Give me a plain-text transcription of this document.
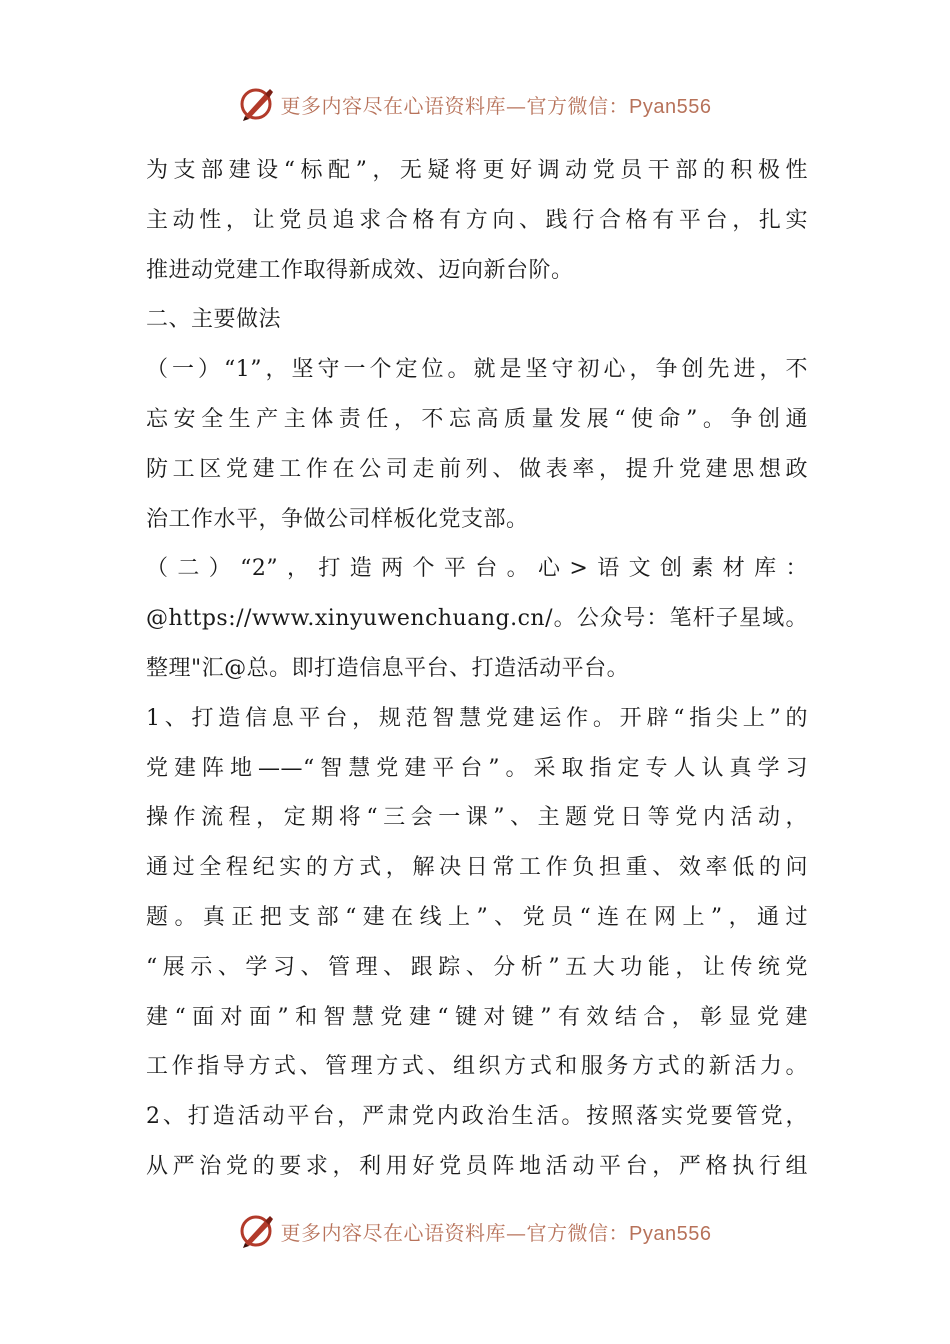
更多内容尽在心语资料库—官方微信：Pyan556
为支部建设“标配”，无疑将更好调动党员干部的积极性
主动性，让党员追求合格有方向、践行合格有平台，扎实
推进动党建工作取得新成效、迈向新台阶。
二、主要做法
（一）“1”，坚守一个定位。就是坚守初心，争创先进，不
忘安全生产主体责任，不忘高质量发展“使命”。争创通
防工区党建工作在公司走前列、做表率，提升党建思想政
治工作水平，争做公司样板化党支部。
（二）“2”，打造两个平台。心>语文创素材库：
@https://www.xinyuwenchuang.cn/。公众号：笔杆子星域。
整理"汇@总。即打造信息平台、打造活动平台。
1、打造信息平台，规范智慧党建运作。开辟“指尖上”的
党建阵地——“智慧党建平台”。采取指定专人认真学习
操作流程，定期将“三会一课”、主题党日等党内活动，
通过全程纪实的方式，解决日常工作负担重、效率低的问
题。真正把支部“建在线上”、党员“连在网上”，通过
“展示、学习、管理、跟踪、分析”五大功能，让传统党
建“面对面”和智慧党建“键对键”有效结合，彰显党建
工作指导方式、管理方式、组织方式和服务方式的新活力。
2、打造活动平台，严肃党内政治生活。按照落实党要管党，
从严治党的要求，利用好党员阵地活动平台，严格执行组
更多内容尽在心语资料库—官方微信：Pyan556
